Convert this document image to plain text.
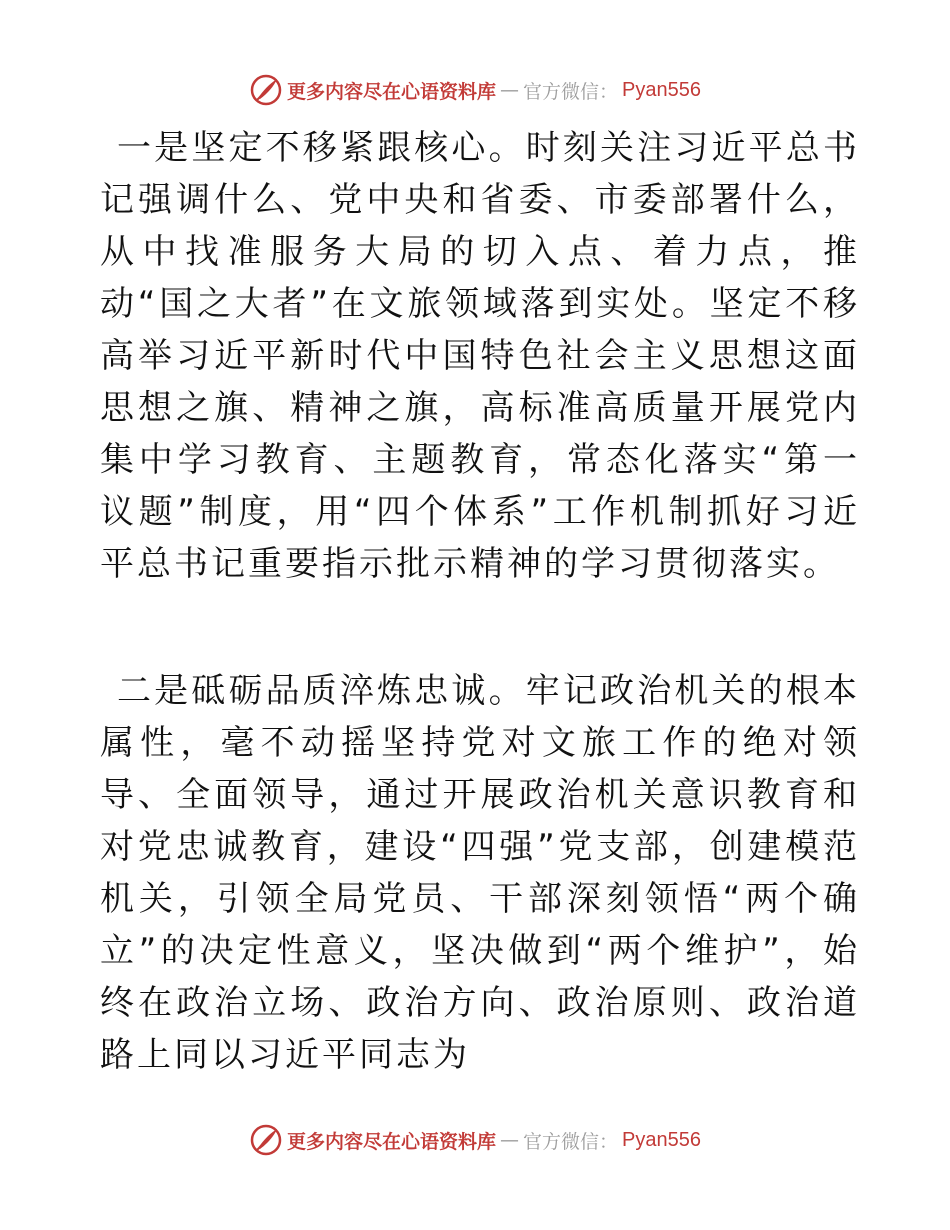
更多内容尽在心语资料库 — 官方微信： Pyan556

一是坚定不移紧跟核心。时刻关注习近平总书记强调什么、党中央和省委、市委部署什么，从中找准服务大局的切入点、着力点，推动“国之大者”在文旅领域落到实处。坚定不移高举习近平新时代中国特色社会主义思想这面思想之旗、精神之旗，高标准高质量开展党内集中学习教育、主题教育，常态化落实“第一议题”制度，用“四个体系”工作机制抓好习近平总书记重要指示批示精神的学习贯彻落实。

二是砥砺品质淬炼忠诚。牢记政治机关的根本属性，毫不动摇坚持党对文旅工作的绝对领导、全面领导，通过开展政治机关意识教育和对党忠诚教育，建设“四强”党支部，创建模范机关，引领全局党员、干部深刻领悟“两个确立”的决定性意义，坚决做到“两个维护”，始终在政治立场、政治方向、政治原则、政治道路上同以习近平同志为

更多内容尽在心语资料库 — 官方微信： Pyan556
